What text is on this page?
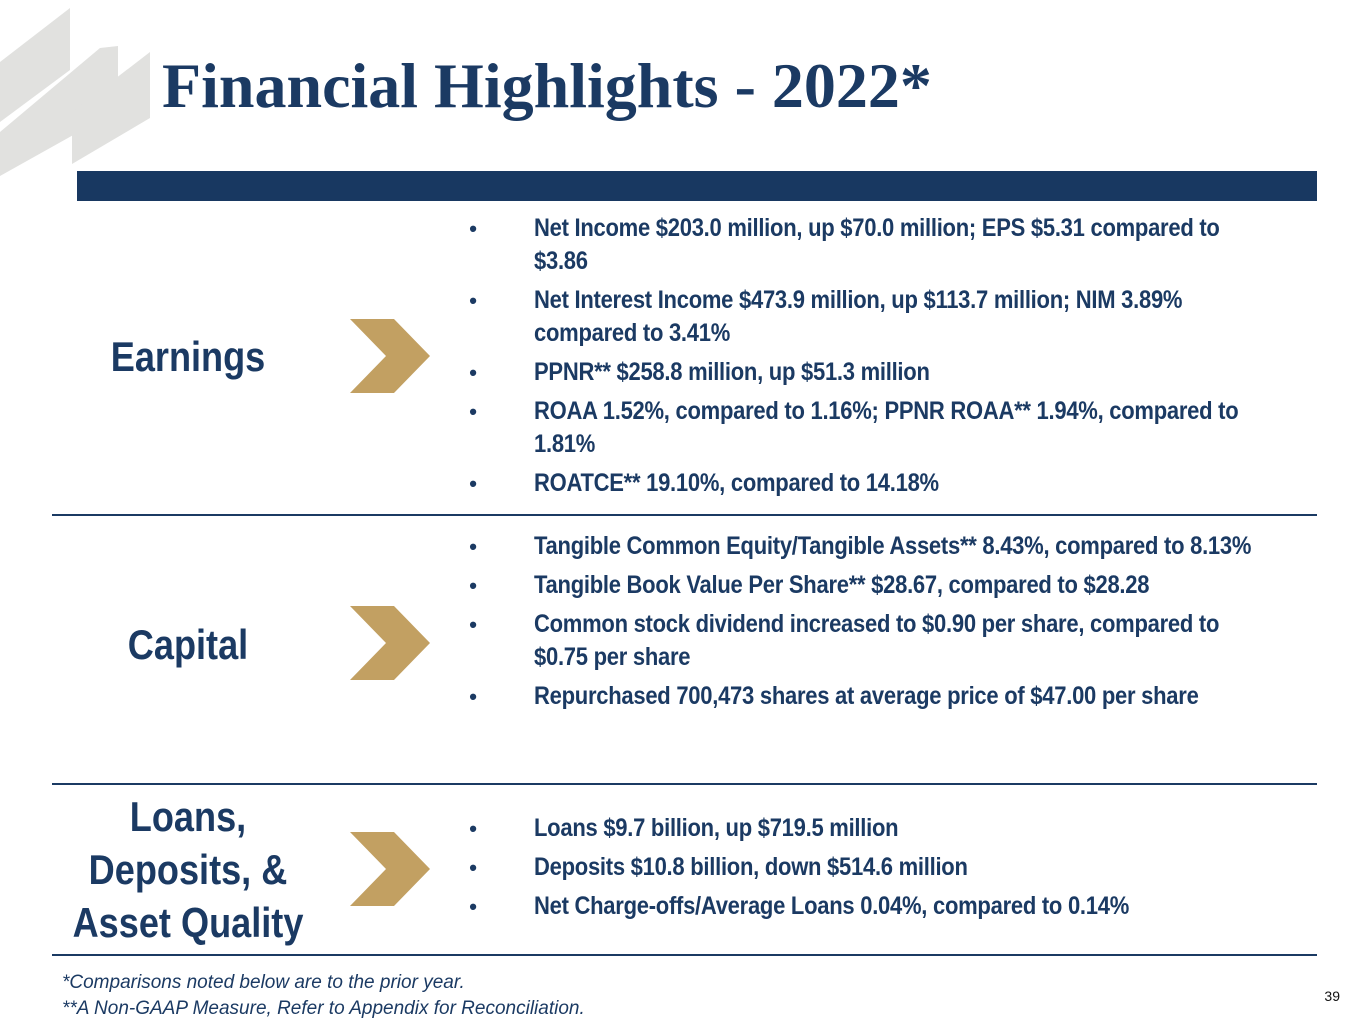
Financial Highlights - 2022*
Earnings
• Net Income $203.0 million, up $70.0 million; EPS $5.31 compared to $3.86
• Net Interest Income $473.9 million, up $113.7 million; NIM 3.89% compared to 3.41%
• PPNR** $258.8 million, up $51.3 million
• ROAA 1.52%, compared to 1.16%; PPNR ROAA** 1.94%, compared to 1.81%
• ROATCE** 19.10%, compared to 14.18%
Capital
• Tangible Common Equity/Tangible Assets** 8.43%, compared to 8.13%
• Tangible Book Value Per Share** $28.67, compared to $28.28
• Common stock dividend increased to $0.90 per share, compared to $0.75 per share
• Repurchased 700,473 shares at average price of $47.00 per share
Loans,
Deposits, &
Asset Quality
• Loans $9.7 billion, up $719.5 million
• Deposits $10.8 billion, down $514.6 million
• Net Charge-offs/Average Loans 0.04%, compared to 0.14%
*Comparisons noted below are to the prior year.
**A Non-GAAP Measure, Refer to Appendix for Reconciliation.
39
